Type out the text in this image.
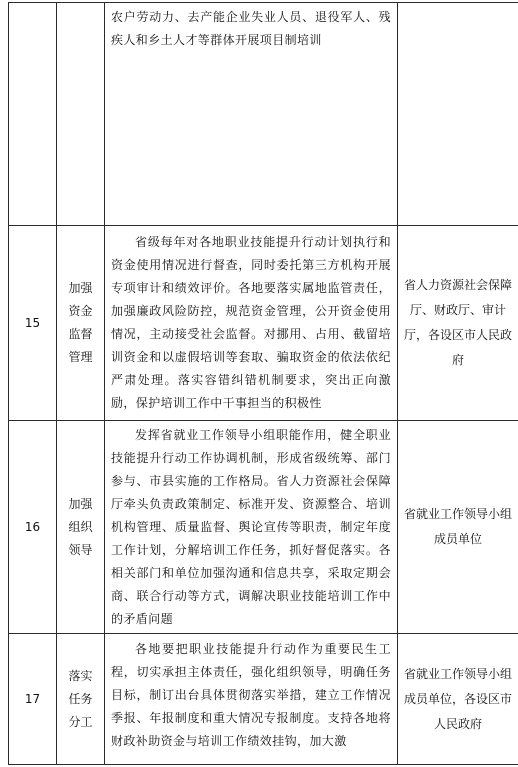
		农户劳动力、去产能企业失业人员、退役军人、残疾人和乡土人才等群体开展项目制培训	

15	加强资金监督管理	省级每年对各地职业技能提升行动计划执行和资金使用情况进行督查，同时委托第三方机构开展专项审计和绩效评价。各地要落实属地监管责任，加强廉政风险防控，规范资金管理，公开资金使用情况，主动接受社会监督。对挪用、占用、截留培训资金和以虚假培训等套取、骗取资金的依法依纪严肃处理。落实容错纠错机制要求，突出正向激励，保护培训工作中干事担当的积极性	省人力资源社会保障厅、财政厅、审计厅，各设区市人民政府

16	加强组织领导	发挥省就业工作领导小组职能作用，健全职业技能提升行动工作协调机制，形成省级统筹、部门参与、市县实施的工作格局。省人力资源社会保障厅牵头负责政策制定、标准开发、资源整合、培训机构管理、质量监督、舆论宣传等职责，制定年度工作计划，分解培训工作任务，抓好督促落实。各相关部门和单位加强沟通和信息共享，采取定期会商、联合行动等方式，调解决职业技能培训工作中的矛盾问题	省就业工作领导小组成员单位

17	落实任务分工	各地要把职业技能提升行动作为重要民生工程，切实承担主体责任，强化组织领导，明确任务目标，制订出台具体贯彻落实举措，建立工作情况季报、年报制度和重大情况专报制度。支持各地将财政补助资金与培训工作绩效挂钩，加大激	省就业工作领导小组成员单位，各设区市人民政府
